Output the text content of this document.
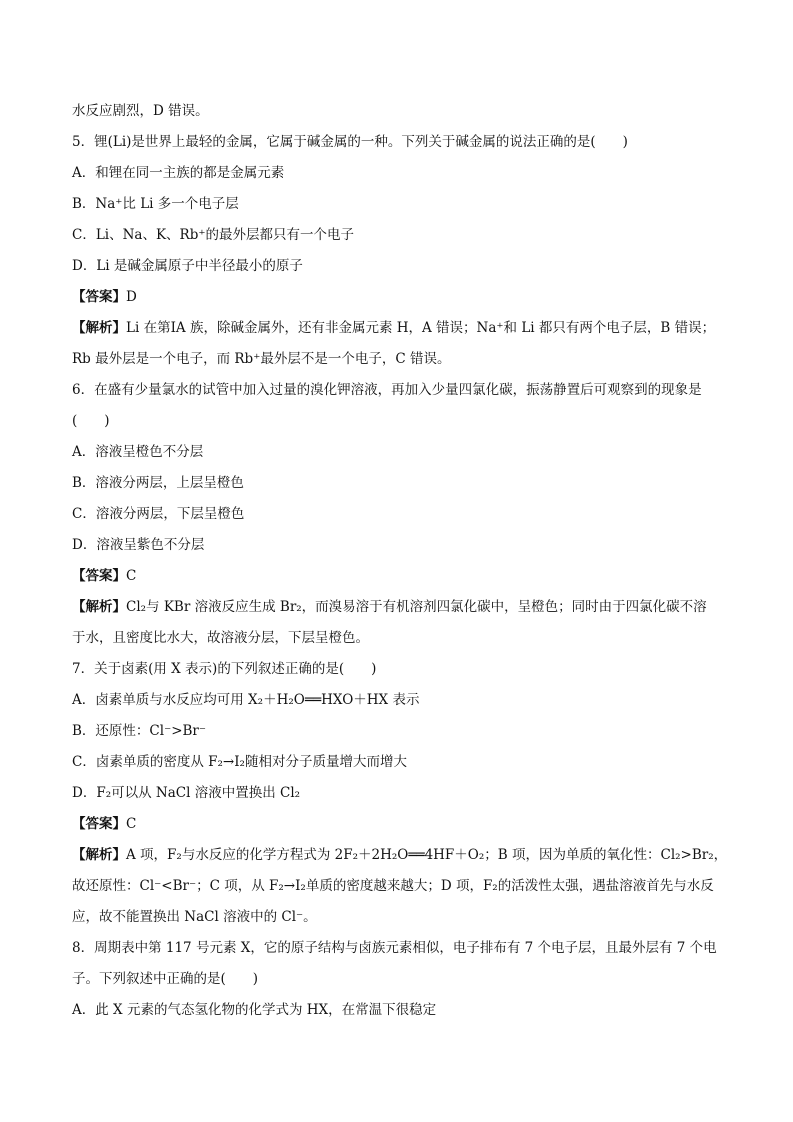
水反应剧烈，D 错误。
5．锂(Li)是世界上最轻的金属，它属于碱金属的一种。下列关于碱金属的说法正确的是(　　)
A．和锂在同一主族的都是金属元素
B．Na⁺比 Li 多一个电子层
C．Li、Na、K、Rb⁺的最外层都只有一个电子
D．Li 是碱金属原子中半径最小的原子
【答案】D
【解析】Li 在第ⅠA 族，除碱金属外，还有非金属元素 H，A 错误；Na⁺和 Li 都只有两个电子层，B 错误；
Rb 最外层是一个电子，而 Rb⁺最外层不是一个电子，C 错误。
6．在盛有少量氯水的试管中加入过量的溴化钾溶液，再加入少量四氯化碳，振荡静置后可观察到的现象是
(　　)
A．溶液呈橙色不分层
B．溶液分两层，上层呈橙色
C．溶液分两层，下层呈橙色
D．溶液呈紫色不分层
【答案】C
【解析】Cl₂与 KBr 溶液反应生成 Br₂，而溴易溶于有机溶剂四氯化碳中，呈橙色；同时由于四氯化碳不溶
于水，且密度比水大，故溶液分层，下层呈橙色。
7．关于卤素(用 X 表示)的下列叙述正确的是(　　)
A．卤素单质与水反应均可用 X₂＋H₂O══HXO＋HX 表示
B．还原性：Cl⁻>Br⁻
C．卤素单质的密度从 F₂→I₂随相对分子质量增大而增大
D．F₂可以从 NaCl 溶液中置换出 Cl₂
【答案】C
【解析】A 项，F₂与水反应的化学方程式为 2F₂＋2H₂O══4HF＋O₂；B 项，因为单质的氧化性：Cl₂>Br₂，
故还原性：Cl⁻<Br⁻；C 项，从 F₂→I₂单质的密度越来越大；D 项，F₂的活泼性太强，遇盐溶液首先与水反
应，故不能置换出 NaCl 溶液中的 Cl⁻。
8．周期表中第 117 号元素 X，它的原子结构与卤族元素相似，电子排布有 7 个电子层，且最外层有 7 个电
子。下列叙述中正确的是(　　)
A．此 X 元素的气态氢化物的化学式为 HX，在常温下很稳定
